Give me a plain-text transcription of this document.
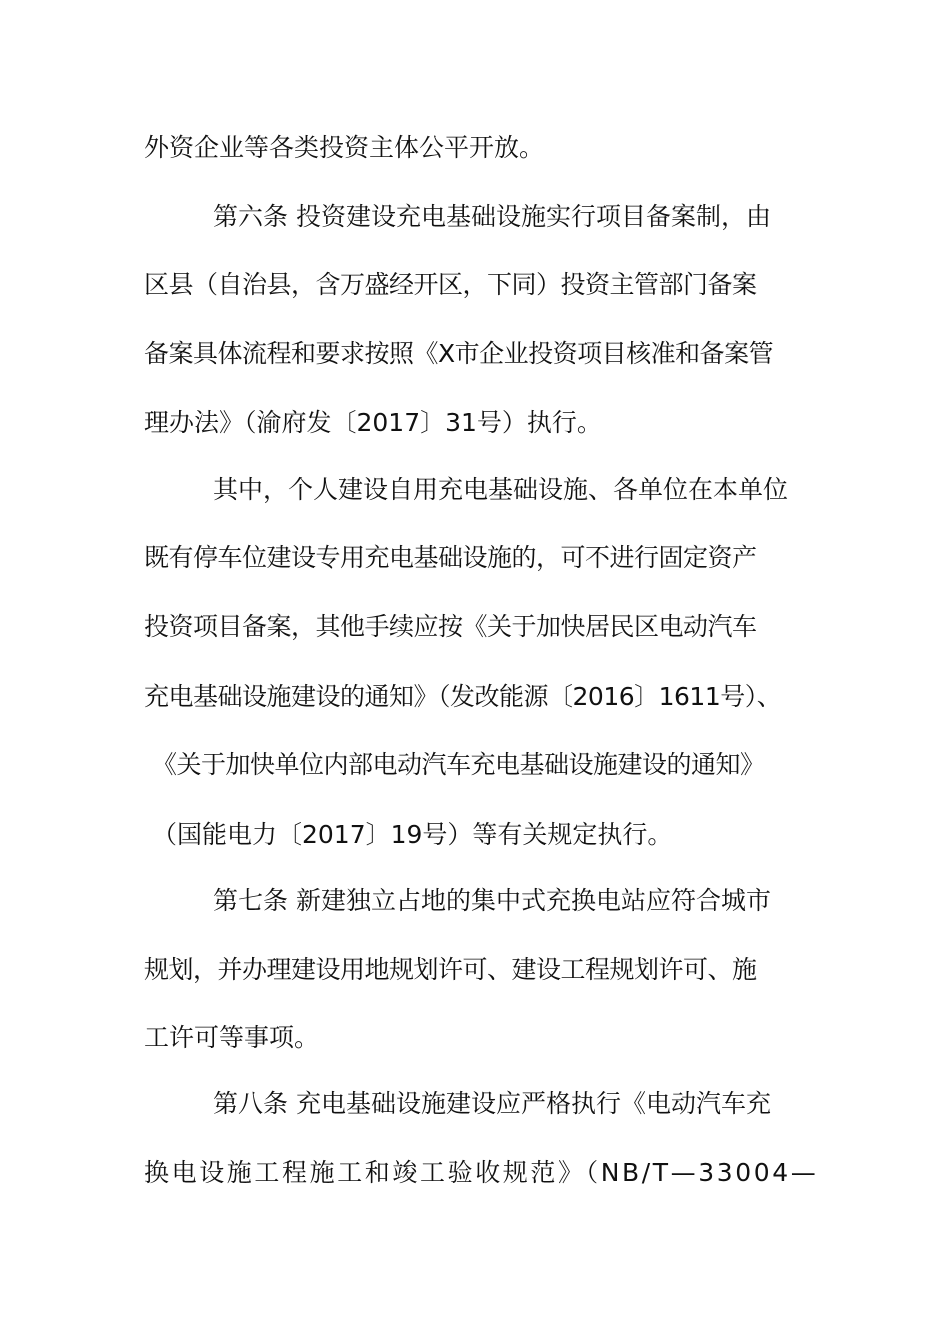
外资企业等各类投资主体公平开放。
第六条 投资建设充电基础设施实行项目备案制，由
区县（自治县，含万盛经开区，下同）投资主管部门备案
备案具体流程和要求按照《X市企业投资项目核准和备案管
理办法》（渝府发〔2017〕31号）执行。
其中，个人建设自用充电基础设施、各单位在本单位
既有停车位建设专用充电基础设施的，可不进行固定资产
投资项目备案，其他手续应按《关于加快居民区电动汽车
充电基础设施建设的通知》（发改能源〔2016〕1611号）、
《关于加快单位内部电动汽车充电基础设施建设的通知》
（国能电力〔2017〕19号）等有关规定执行。
第七条 新建独立占地的集中式充换电站应符合城市
规划，并办理建设用地规划许可、建设工程规划许可、施
工许可等事项。
第八条 充电基础设施建设应严格执行《电动汽车充
换电设施工程施工和竣工验收规范》（NB/T—33004—
